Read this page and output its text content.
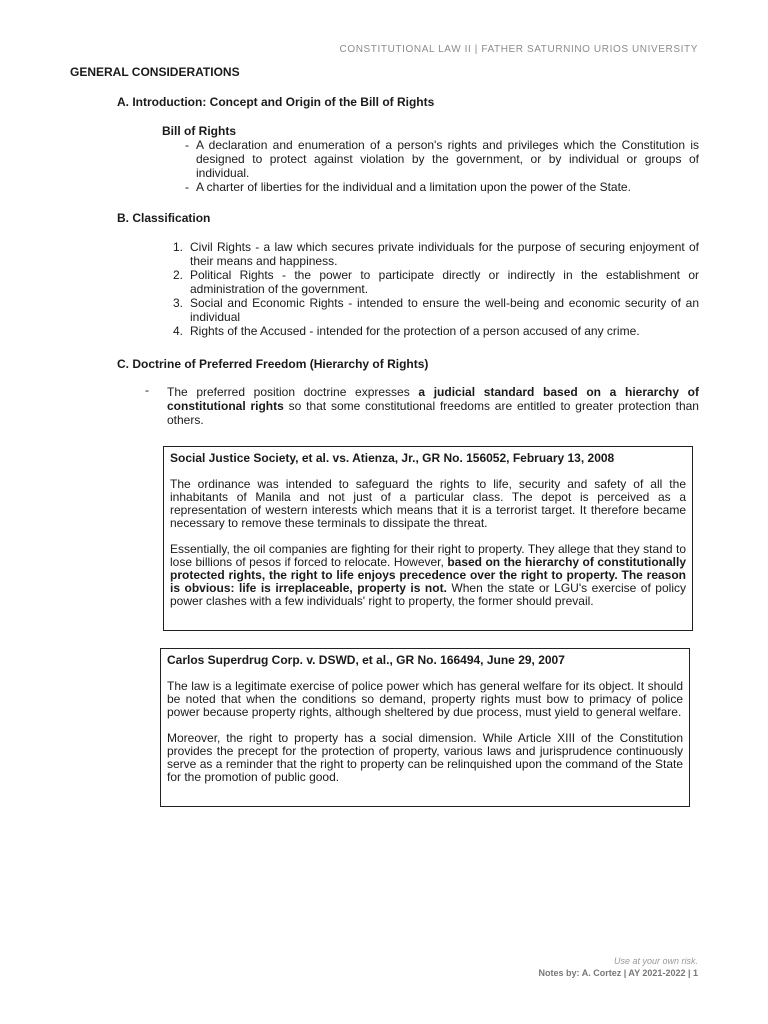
CONSTITUTIONAL LAW II | FATHER SATURNINO URIOS UNIVERSITY
GENERAL CONSIDERATIONS
A. Introduction: Concept and Origin of the Bill of Rights
Bill of Rights
- A declaration and enumeration of a person's rights and privileges which the Constitution is designed to protect against violation by the government, or by individual or groups of individual.
- A charter of liberties for the individual and a limitation upon the power of the State.
B. Classification
1. Civil Rights - a law which secures private individuals for the purpose of securing enjoyment of their means and happiness.
2. Political Rights - the power to participate directly or indirectly in the establishment or administration of the government.
3. Social and Economic Rights - intended to ensure the well-being and economic security of an individual
4. Rights of the Accused - intended for the protection of a person accused of any crime.
C. Doctrine of Preferred Freedom (Hierarchy of Rights)
- The preferred position doctrine expresses a judicial standard based on a hierarchy of constitutional rights so that some constitutional freedoms are entitled to greater protection than others.
Social Justice Society, et al. vs. Atienza, Jr., GR No. 156052, February 13, 2008

The ordinance was intended to safeguard the rights to life, security and safety of all the inhabitants of Manila and not just of a particular class. The depot is perceived as a representation of western interests which means that it is a terrorist target. It therefore became necessary to remove these terminals to dissipate the threat.

Essentially, the oil companies are fighting for their right to property. They allege that they stand to lose billions of pesos if forced to relocate. However, based on the hierarchy of constitutionally protected rights, the right to life enjoys precedence over the right to property. The reason is obvious: life is irreplaceable, property is not. When the state or LGU's exercise of policy power clashes with a few individuals' right to property, the former should prevail.

Carlos Superdrug Corp. v. DSWD, et al., GR No. 166494, June 29, 2007

The law is a legitimate exercise of police power which has general welfare for its object. It should be noted that when the conditions so demand, property rights must bow to primacy of police power because property rights, although sheltered by due process, must yield to general welfare.

Moreover, the right to property has a social dimension. While Article XIII of the Constitution provides the precept for the protection of property, various laws and jurisprudence continuously serve as a reminder that the right to property can be relinquished upon the command of the State for the promotion of public good.

Use at your own risk.
Notes by: A. Cortez | AY 2021-2022 | 1
